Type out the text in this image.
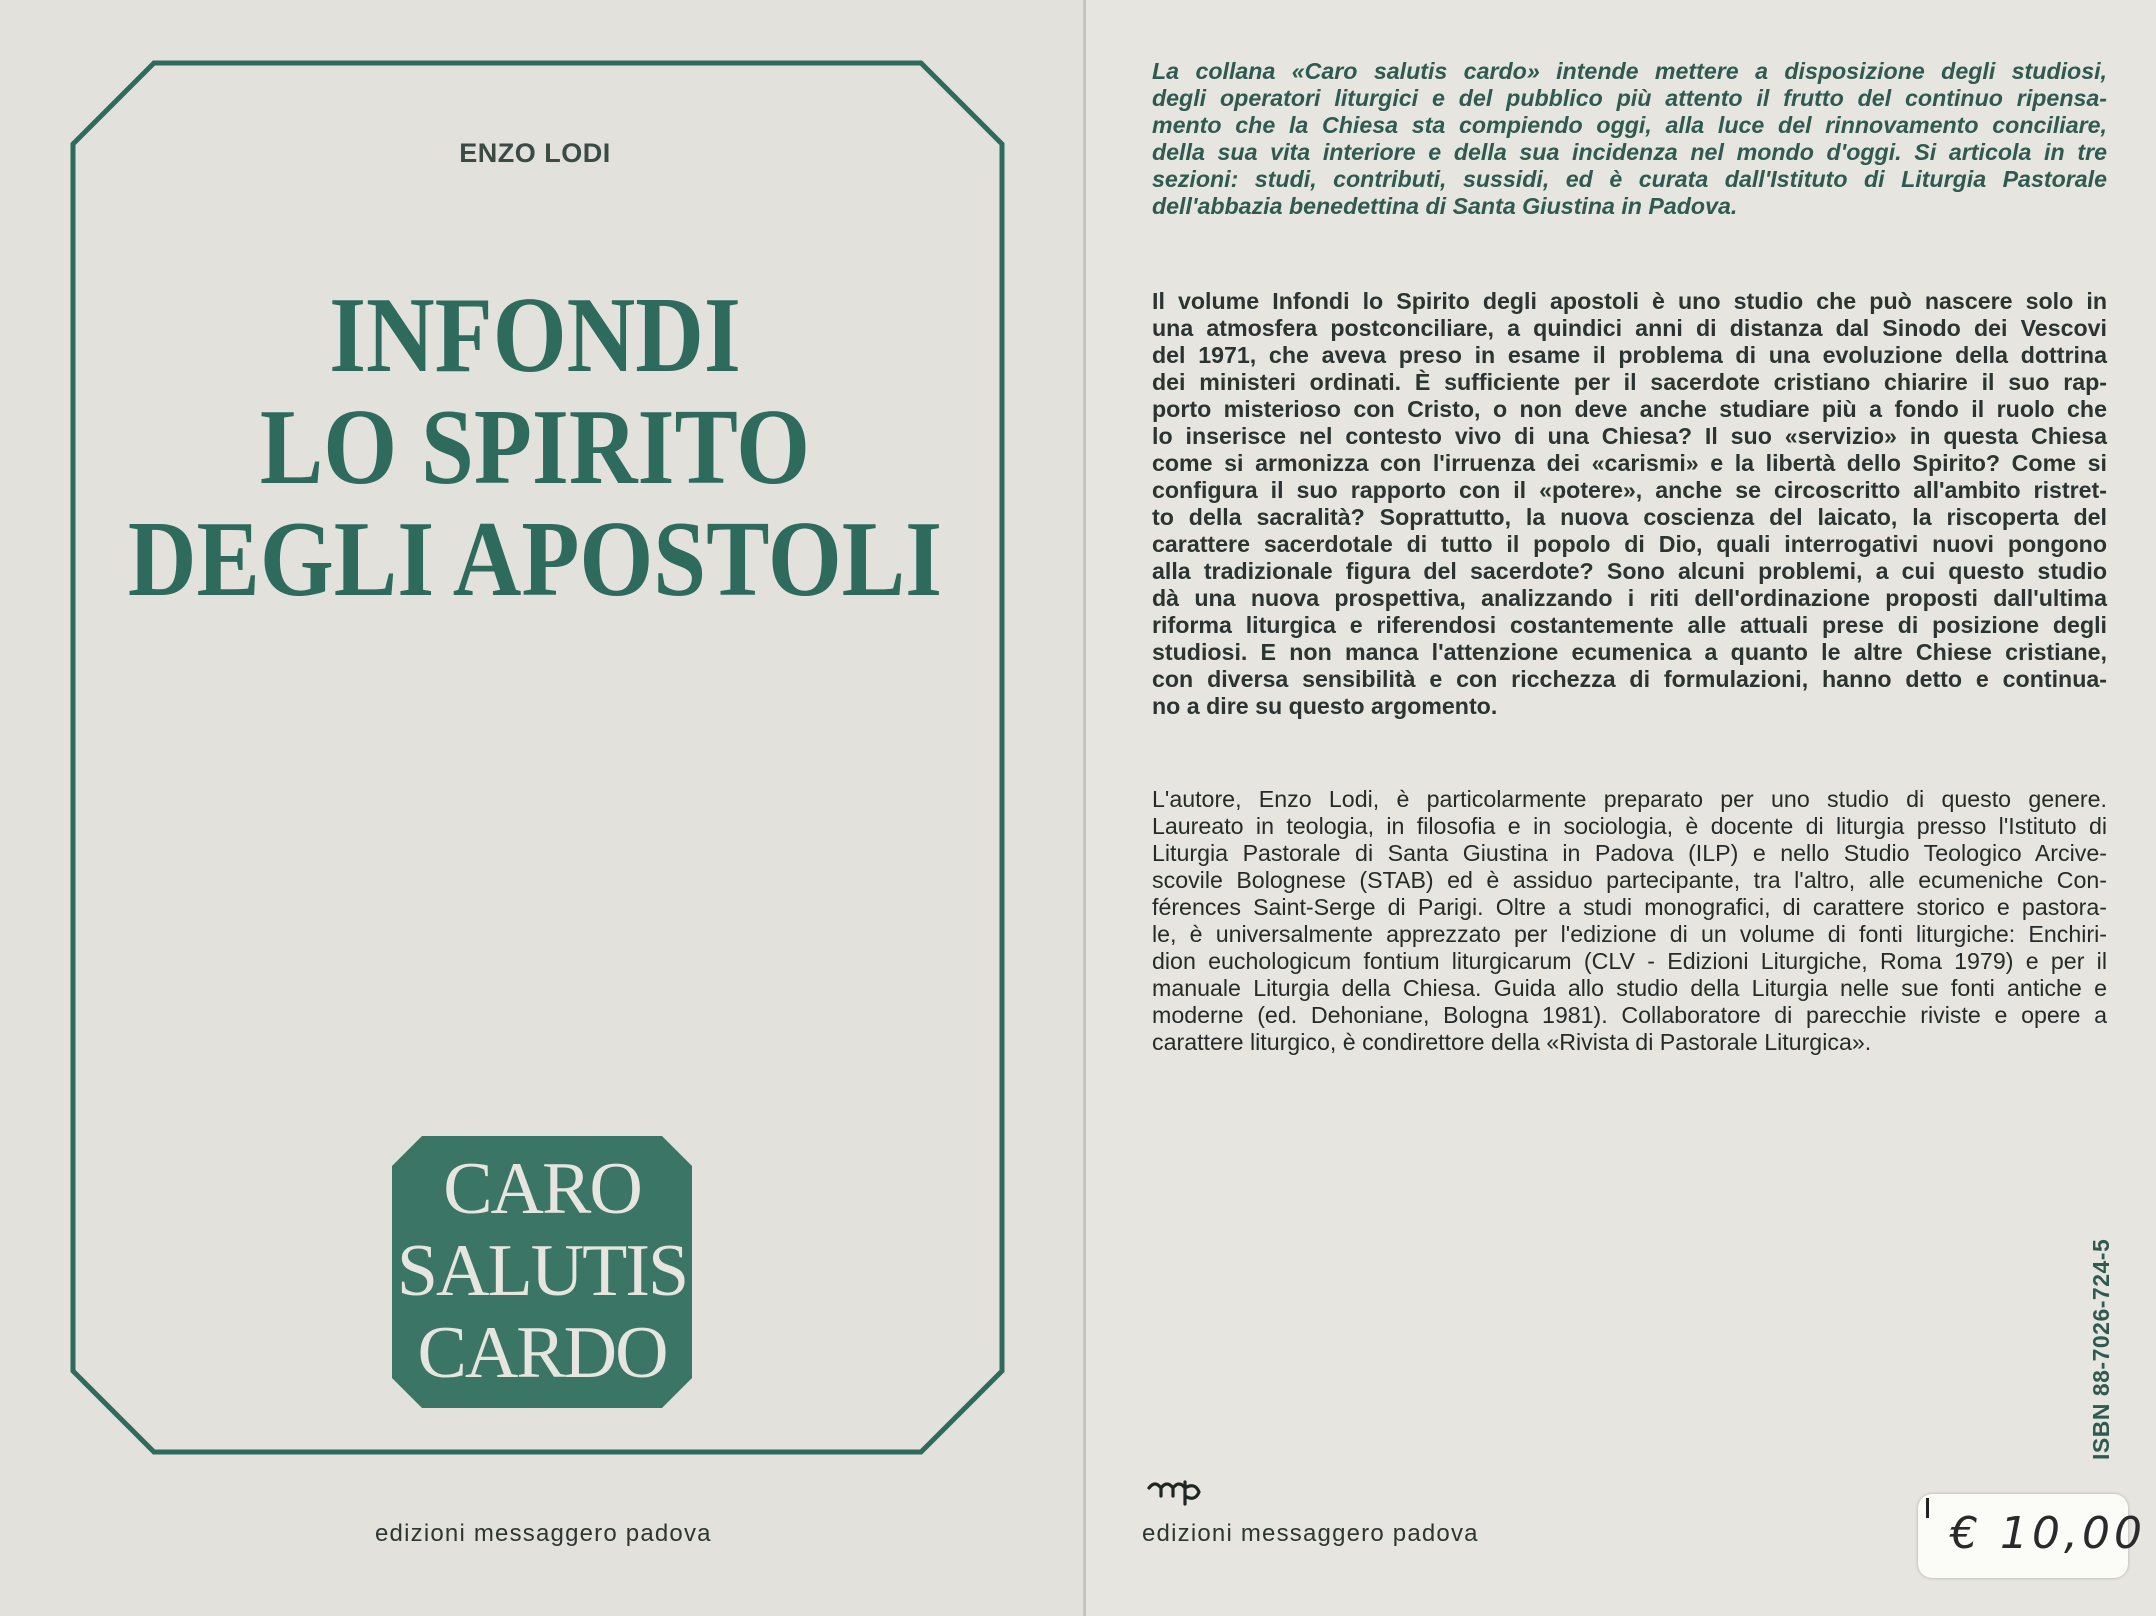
ENZO LODI
INFONDI
LO SPIRITO
DEGLI APOSTOLI
CARO
SALUTIS
CARDO
edizioni messaggero padova
La collana «Caro salutis cardo» intende mettere a disposizione degli studiosi,
degli operatori liturgici e del pubblico più attento il frutto del continuo ripensa-
mento che la Chiesa sta compiendo oggi, alla luce del rinnovamento conciliare,
della sua vita interiore e della sua incidenza nel mondo d'oggi. Si articola in tre
sezioni: studi, contributi, sussidi, ed è curata dall'Istituto di Liturgia Pastorale
dell'abbazia benedettina di Santa Giustina in Padova.
Il volume Infondi lo Spirito degli apostoli è uno studio che può nascere solo in
una atmosfera postconciliare, a quindici anni di distanza dal Sinodo dei Vescovi
del 1971, che aveva preso in esame il problema di una evoluzione della dottrina
dei ministeri ordinati. È sufficiente per il sacerdote cristiano chiarire il suo rap-
porto misterioso con Cristo, o non deve anche studiare più a fondo il ruolo che
lo inserisce nel contesto vivo di una Chiesa? Il suo «servizio» in questa Chiesa
come si armonizza con l'irruenza dei «carismi» e la libertà dello Spirito? Come si
configura il suo rapporto con il «potere», anche se circoscritto all'ambito ristret-
to della sacralità? Soprattutto, la nuova coscienza del laicato, la riscoperta del
carattere sacerdotale di tutto il popolo di Dio, quali interrogativi nuovi pongono
alla tradizionale figura del sacerdote? Sono alcuni problemi, a cui questo studio
dà una nuova prospettiva, analizzando i riti dell'ordinazione proposti dall'ultima
riforma liturgica e riferendosi costantemente alle attuali prese di posizione degli
studiosi. E non manca l'attenzione ecumenica a quanto le altre Chiese cristiane,
con diversa sensibilità e con ricchezza di formulazioni, hanno detto e continua-
no a dire su questo argomento.
L'autore, Enzo Lodi, è particolarmente preparato per uno studio di questo genere.
Laureato in teologia, in filosofia e in sociologia, è docente di liturgia presso l'Istituto di
Liturgia Pastorale di Santa Giustina in Padova (ILP) e nello Studio Teologico Arcive-
scovile Bolognese (STAB) ed è assiduo partecipante, tra l'altro, alle ecumeniche Con-
férences Saint-Serge di Parigi. Oltre a studi monografici, di carattere storico e pastora-
le, è universalmente apprezzato per l'edizione di un volume di fonti liturgiche: Enchiri-
dion euchologicum fontium liturgicarum (CLV - Edizioni Liturgiche, Roma 1979) e per il
manuale Liturgia della Chiesa. Guida allo studio della Liturgia nelle sue fonti antiche e
moderne (ed. Dehoniane, Bologna 1981). Collaboratore di parecchie riviste e opere a
carattere liturgico, è condirettore della «Rivista di Pastorale Liturgica».
edizioni messaggero padova
ISBN 88-7026-724-5
€ 10,00
